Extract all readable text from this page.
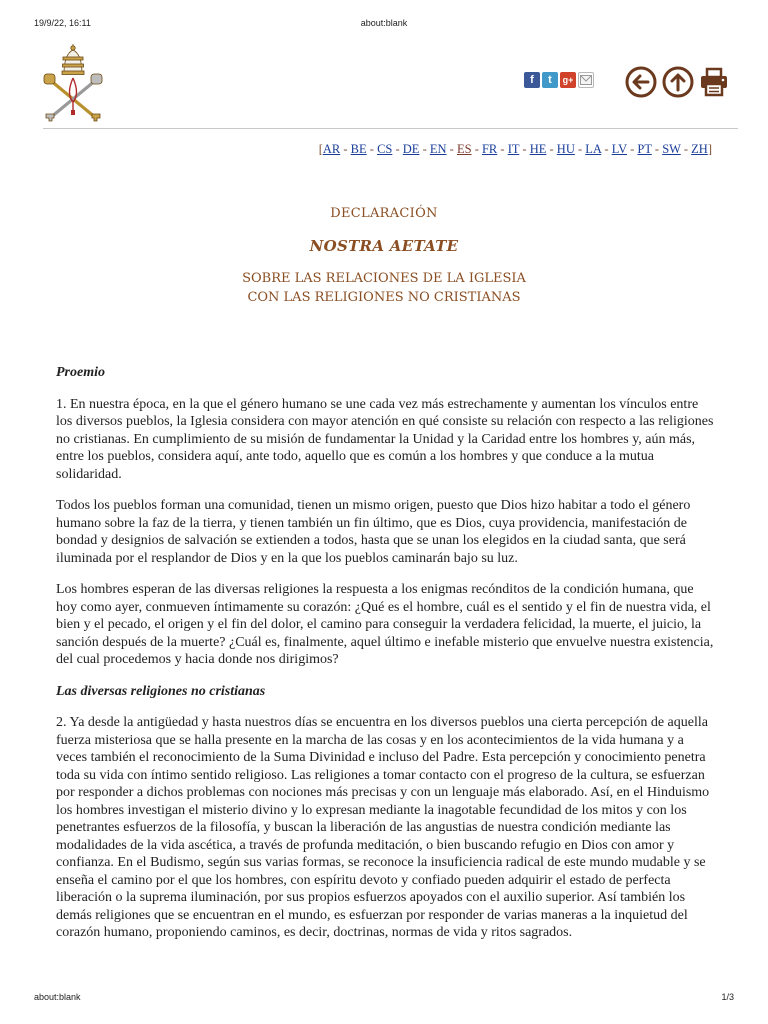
19/9/22, 16:11	about:blank
f	t	g+
[AR - BE - CS - DE - EN - ES - FR - IT - HE - HU - LA - LV - PT - SW - ZH]
DECLARACIÓN
NOSTRA AETATE
SOBRE LAS RELACIONES DE LA IGLESIA
CON LAS RELIGIONES NO CRISTIANAS
Proemio

1. En nuestra época, en la que el género humano se une cada vez más estrechamente y aumentan los vínculos entre los diversos pueblos, la Iglesia considera con mayor atención en qué consiste su relación con respecto a las religiones no cristianas. En cumplimiento de su misión de fundamentar la Unidad y la Caridad entre los hombres y, aún más, entre los pueblos, considera aquí, ante todo, aquello que es común a los hombres y que conduce a la mutua solidaridad.

Todos los pueblos forman una comunidad, tienen un mismo origen, puesto que Dios hizo habitar a todo el género humano sobre la faz de la tierra, y tienen también un fin último, que es Dios, cuya providencia, manifestación de bondad y designios de salvación se extienden a todos, hasta que se unan los elegidos en la ciudad santa, que será iluminada por el resplandor de Dios y en la que los pueblos caminarán bajo su luz.

Los hombres esperan de las diversas religiones la respuesta a los enigmas recónditos de la condición humana, que hoy como ayer, conmueven íntimamente su corazón: ¿Qué es el hombre, cuál es el sentido y el fin de nuestra vida, el bien y el pecado, el origen y el fin del dolor, el camino para conseguir la verdadera felicidad, la muerte, el juicio, la sanción después de la muerte? ¿Cuál es, finalmente, aquel último e inefable misterio que envuelve nuestra existencia, del cual procedemos y hacia donde nos dirigimos?

Las diversas religiones no cristianas

2. Ya desde la antigüedad y hasta nuestros días se encuentra en los diversos pueblos una cierta percepción de aquella fuerza misteriosa que se halla presente en la marcha de las cosas y en los acontecimientos de la vida humana y a veces también el reconocimiento de la Suma Divinidad e incluso del Padre. Esta percepción y conocimiento penetra toda su vida con íntimo sentido religioso. Las religiones a tomar contacto con el progreso de la cultura, se esfuerzan por responder a dichos problemas con nociones más precisas y con un lenguaje más elaborado. Así, en el Hinduismo los hombres investigan el misterio divino y lo expresan mediante la inagotable fecundidad de los mitos y con los penetrantes esfuerzos de la filosofía, y buscan la liberación de las angustias de nuestra condición mediante las modalidades de la vida ascética, a través de profunda meditación, o bien buscando refugio en Dios con amor y confianza. En el Budismo, según sus varias formas, se reconoce la insuficiencia radical de este mundo mudable y se enseña el camino por el que los hombres, con espíritu devoto y confiado pueden adquirir el estado de perfecta liberación o la suprema iluminación, por sus propios esfuerzos apoyados con el auxilio superior. Así también los demás religiones que se encuentran en el mundo, es esfuerzan por responder de varias maneras a la inquietud del corazón humano, proponiendo caminos, es decir, doctrinas, normas de vida y ritos sagrados.

about:blank	1/3
